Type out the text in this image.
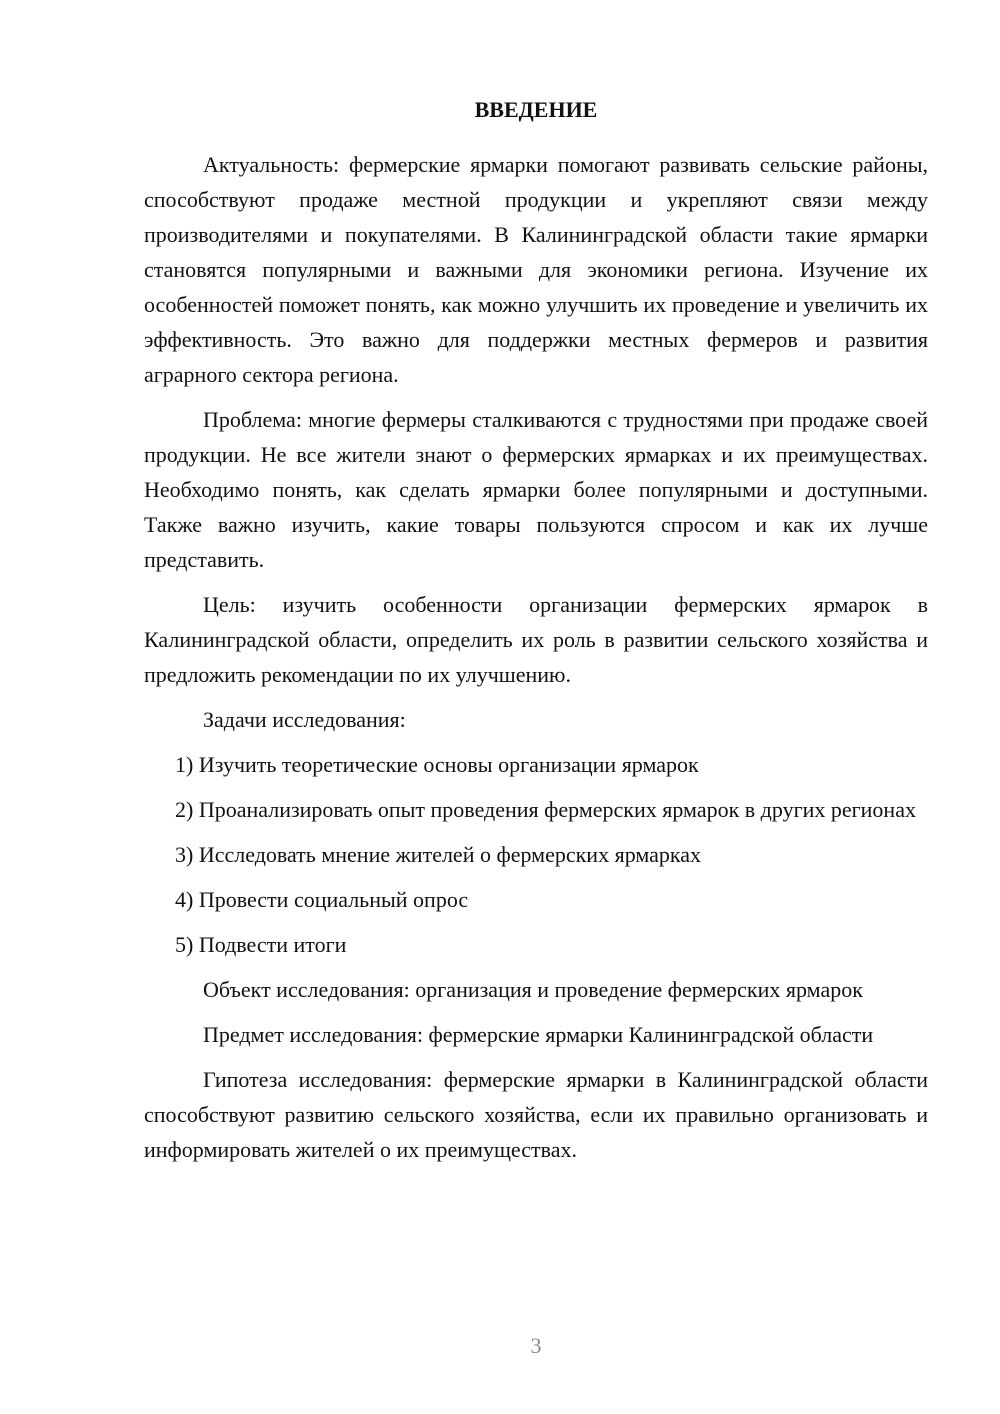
ВВЕДЕНИЕ

Актуальность: фермерские ярмарки помогают развивать сельские районы, способствуют продаже местной продукции и укрепляют связи между производителями и покупателями. В Калининградской области такие ярмарки становятся популярными и важными для экономики региона. Изучение их особенностей поможет понять, как можно улучшить их проведение и увеличить их эффективность. Это важно для поддержки местных фермеров и развития аграрного сектора региона.

Проблема: многие фермеры сталкиваются с трудностями при продаже своей продукции. Не все жители знают о фермерских ярмарках и их преимуществах. Необходимо понять, как сделать ярмарки более популярными и доступными. Также важно изучить, какие товары пользуются спросом и как их лучше представить.

Цель: изучить особенности организации фермерских ярмарок в Калининградской области, определить их роль в развитии сельского хозяйства и предложить рекомендации по их улучшению.

Задачи исследования:

1) Изучить теоретические основы организации ярмарок

2) Проанализировать опыт проведения фермерских ярмарок в других регионах

3) Исследовать мнение жителей о фермерских ярмарках

4) Провести социальный опрос

5) Подвести итоги

Объект исследования: организация и проведение фермерских ярмарок

Предмет исследования: фермерские ярмарки Калининградской области

Гипотеза исследования: фермерские ярмарки в Калининградской области способствуют развитию сельского хозяйства, если их правильно организовать и информировать жителей о их преимуществах.

3
